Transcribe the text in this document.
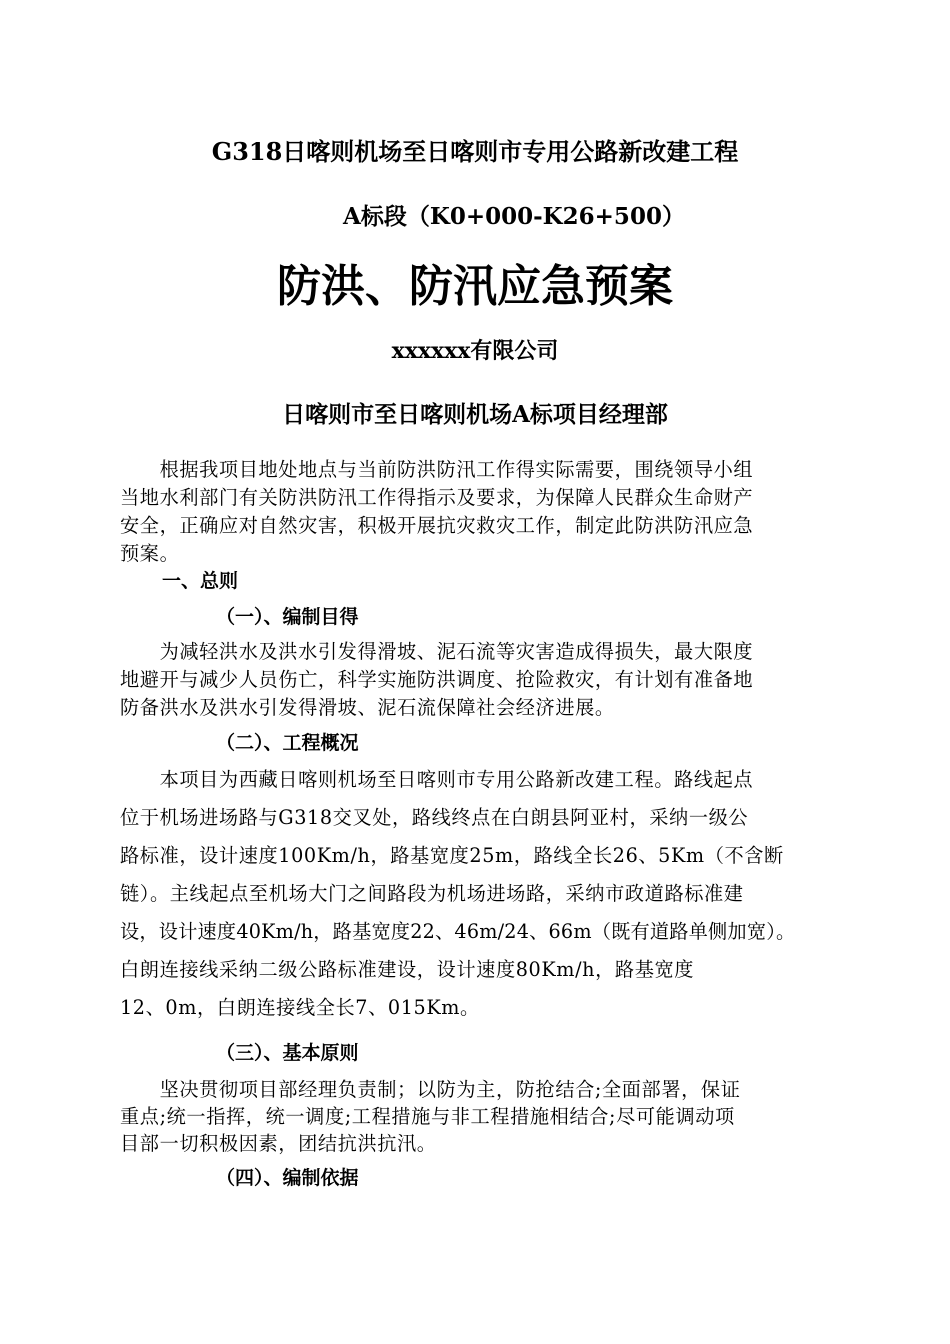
G318日喀则机场至日喀则市专用公路新改建工程
A标段（K0+000-K26+500）
防洪、防汛应急预案
xxxxxx有限公司
日喀则市至日喀则机场A标项目经理部
　　根据我项目地处地点与当前防洪防汛工作得实际需要，围绕领导小组
当地水利部门有关防洪防汛工作得指示及要求，为保障人民群众生命财产
安全，正确应对自然灾害，积极开展抗灾救灾工作，制定此防洪防汛应急
预案。
一、总则
（一）、编制目得
　　为减轻洪水及洪水引发得滑坡、泥石流等灾害造成得损失，最大限度
地避开与减少人员伤亡，科学实施防洪调度、抢险救灾，有计划有准备地
防备洪水及洪水引发得滑坡、泥石流保障社会经济进展。
（二）、工程概况
　　本项目为西藏日喀则机场至日喀则市专用公路新改建工程。路线起点
位于机场进场路与G318交叉处，路线终点在白朗县阿亚村，采纳一级公
路标准，设计速度100Km/h，路基宽度25m，路线全长26、5Km（不含断
链）。主线起点至机场大门之间路段为机场进场路，采纳市政道路标准建
设，设计速度40Km/h，路基宽度22、46m/24、66m（既有道路单侧加宽）。
白朗连接线采纳二级公路标准建设，设计速度80Km/h，路基宽度
12、0m，白朗连接线全长7、015Km。
（三）、基本原则
　　坚决贯彻项目部经理负责制；以防为主，防抢结合;全面部署，保证
重点;统一指挥，统一调度;工程措施与非工程措施相结合;尽可能调动项
目部一切积极因素，团结抗洪抗汛。
（四）、编制依据
